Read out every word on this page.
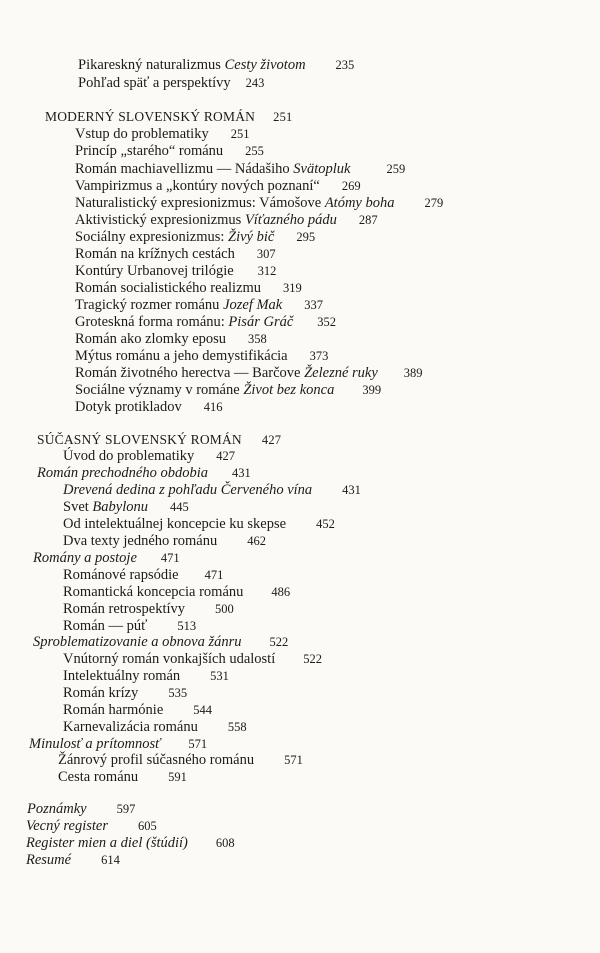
Pikareskný naturalizmus Cesty životom 235
Pohľad späť a perspektívy 243
MODERNÝ SLOVENSKÝ ROMÁN 251
Vstup do problematiky 251
Princíp „starého“ románu 255
Román machiavellizmu — Nádašiho Svätopluk	259
Vampirizmus a „kontúry nových poznaní“ 269
Naturalistický expresionizmus: Vámošove Atómy boha 279
Aktivistický expresionizmus Víťazného pádu 287
Sociálny expresionizmus: Živý bič 295
Román na krížnych cestách 307
Kontúry Urbanovej trilógie 312
Román socialistického realizmu 319
Tragický rozmer románu Jozef Mak 337
Groteskná forma románu: Pisár Gráč 352
Román ako zlomky eposu 358
Mýtus románu a jeho demystifikácia 373
Román životného herectva — Barčove Železné ruky 389
Sociálne významy v románe Život bez konca 399
Dotyk protikladov 416
SÚČASNÝ SLOVENSKÝ ROMÁN 427
Úvod do problematiky 427
Román prechodného obdobia 431
Drevená dedina z pohľadu Červeného vína 431
Svet Babylonu 445
Od intelektuálnej koncepcie ku skepse 452
Dva texty jedného románu 462
Romány a postoje 471
Románové rapsódie 471
Romantická koncepcia románu 486
Román retrospektívy 500
Román — púť 513
Sproblematizovanie a obnova žánru 522
Vnútorný román vonkajších udalostí 522
Intelektuálny román 531
Román krízy 535
Román harmónie 544
Karnevalizácia románu 558
Minulosť a prítomnosť 571
Žánrový profil súčasného románu 571
Cesta románu 591
Poznámky 597
Vecný register 605
Register mien a diel (štúdií) 608
Resumé 614
